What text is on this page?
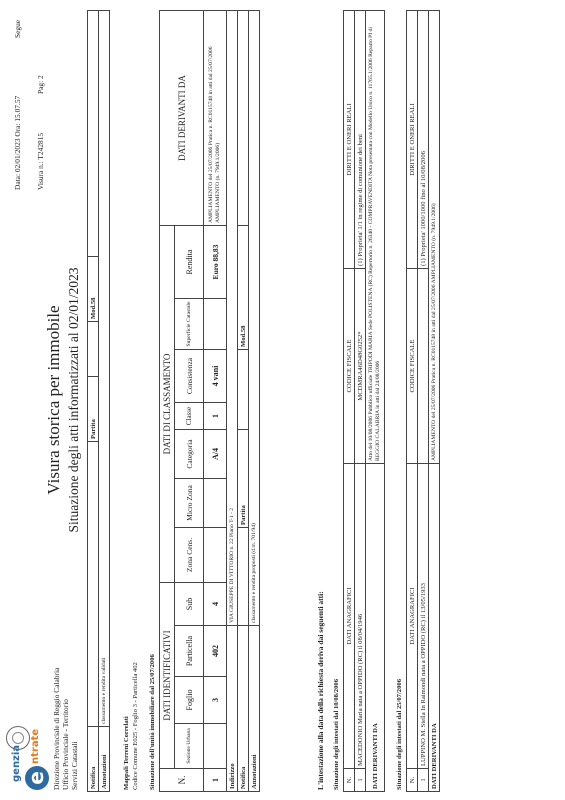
e
genzia ntrate Direzione Provinciale di Reggio Calabria Ufficio Provinciale - Territorio Servizi Catastali
Visura storica per immobile Situazione degli atti informatizzati al 02/01/2023
Data: 02/01/2023 Ora: 15.07.57
Segue
Visura n.: T242815
Pag: 2
Notifica		Partita		Mod.58	
Annotazioni	classamento e rendita validati				
Mappali Terreni Correlati Codice Comune E025 - Foglio 3 - Particella 402 Situazione dell'unità immobiliare dal 25/07/2006 N.	DATI IDENTIFICATIVI				DATI DI CLASSAMENTO							DATI DERIVANTI DA
	Sezione Urbana	Foglio	Particella	Sub	Zona Cens.	Micro Zona	Categoria	Classe	Consistenza	Superficie Catastale	Rendita	
1		3	402	4			A/4	1	4 vani		Euro 88,83	AMPLIAMENTO del 25/07/2006 Pratica n. RC0115748 in atti dal 25/07/2006 AMPLIAMENTO (n. 7949.1/2006)
Indirizzo				VIA GIUSEPPE DI VITTORIO n. 22 Piano T-1 - 2								
Notifica						Partita				Mod.58		
Annotazioni				classamento e rendita proposti (d.m. 701/94)								
L'intestazione alla data della richiesta deriva dai seguenti atti: Situazione degli intestati dal 10/08/2006 N.	DATI ANAGRAFICI	CODICE FISCALE	DIRITTI E ONERI REALI
1	MACEDONIO Maria nata a OPPIDO (RC) il 08/04/1946	MCDMRA46D48G0252*	(1) Proprieta' 1/1 in regime di comunione dei beni
DATI DERIVANTI DA		Atto del 10/08/2006 Pubblico ufficiale TRIPODI MARIA Sede POLISTENA (RC) Repertorio n. 26340 - COMPRAVENDITA Nota presentata con Modello Unico n. 11765.1/2006 Reparto PI di REGGIO CALABRIA in atti dal 24/08/2006	
Situazione degli intestati dal 25/07/2006 N.	DATI ANAGRAFICI	CODICE FISCALE	DIRITTI E ONERI REALI
1	LUPPINO M. Stella In Raimondi nata a OPPIDO (RC) il 13/05/1933		(1) Proprieta' 1000/1000 fino al 10/08/2006
DATI DERIVANTI DA		AMPLIAMENTO del 25/07/2006 Pratica n. RC0115748 in atti dal 25/07/2006 AMPLIAMENTO (n. 7949.1/2006)	
